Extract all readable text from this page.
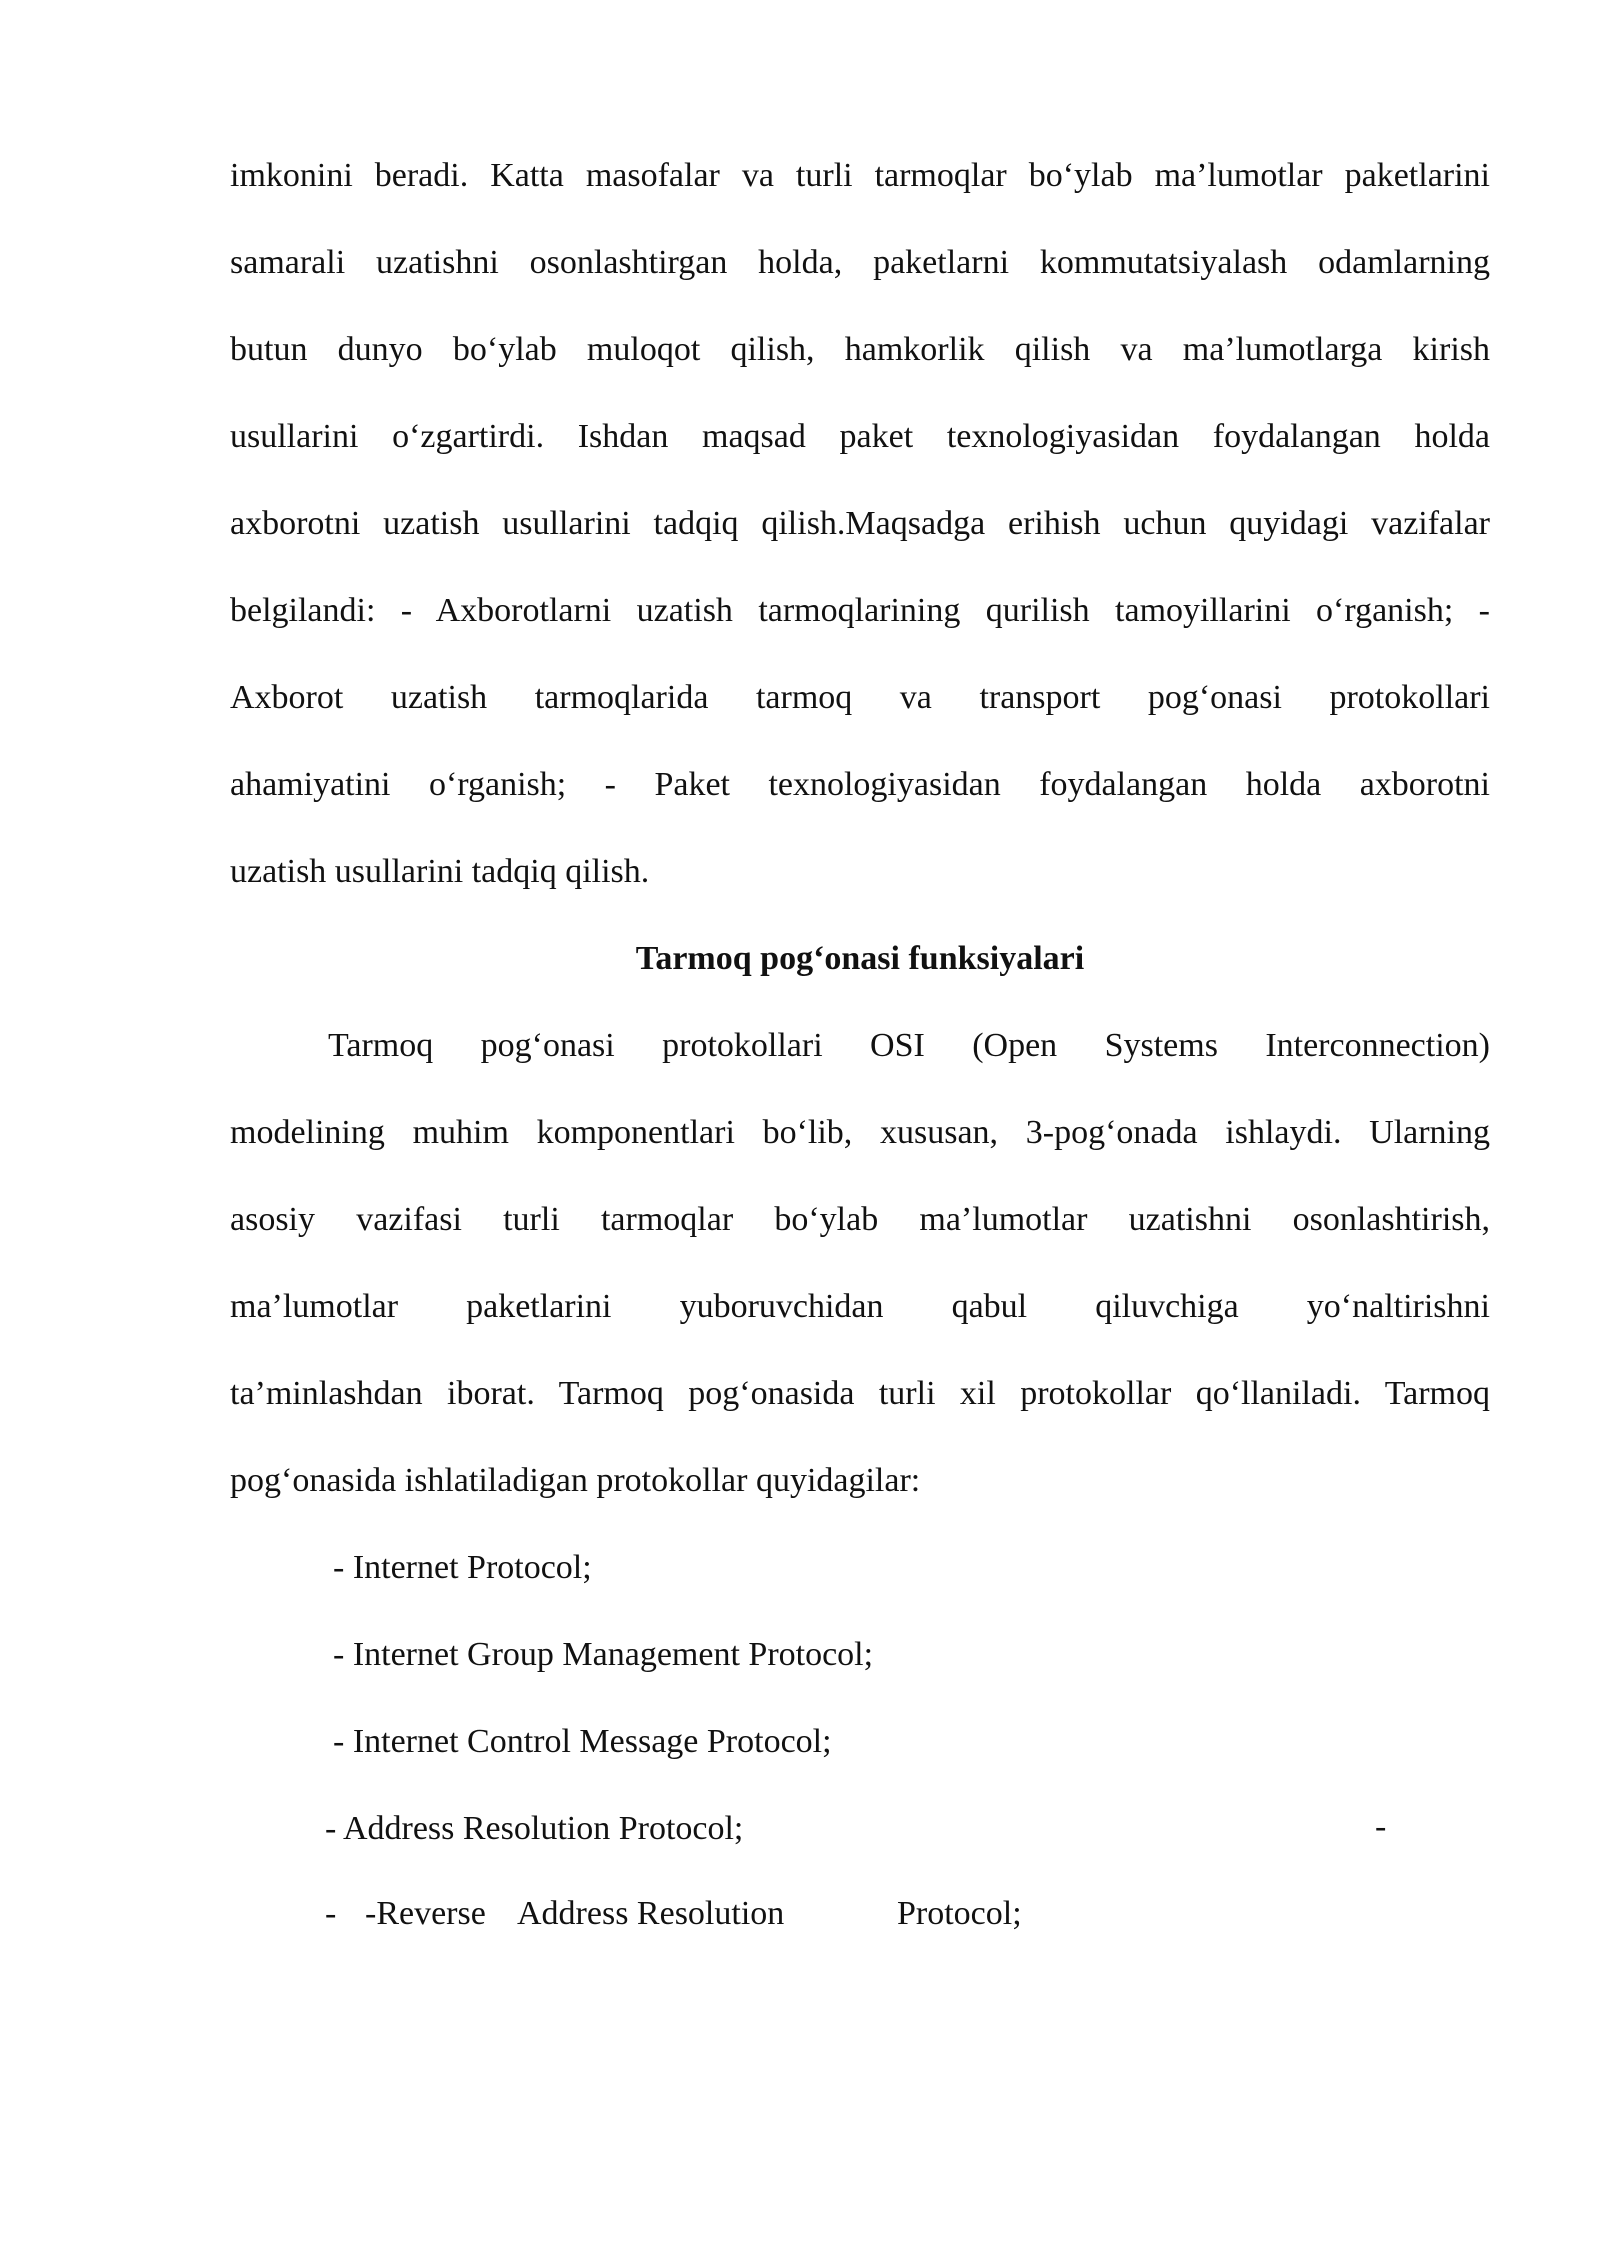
imkonini beradi. Katta masofalar va turli tarmoqlar bo‘ylab ma’lumotlar paketlarini
samarali uzatishni osonlashtirgan holda, paketlarni kommutatsiyalash odamlarning
butun dunyo bo‘ylab muloqot qilish, hamkorlik qilish va ma’lumotlarga kirish
usullarini o‘zgartirdi. Ishdan maqsad paket texnologiyasidan foydalangan holda
axborotni uzatish usullarini tadqiq qilish.Maqsadga erihish uchun quyidagi vazifalar
belgilandi: - Axborotlarni uzatish tarmoqlarining qurilish tamoyillarini o‘rganish; -
Axborot uzatish tarmoqlarida tarmoq va transport pog‘onasi protokollari
ahamiyatini o‘rganish; - Paket texnologiyasidan foydalangan holda axborotni
uzatish usullarini tadqiq qilish.
Tarmoq pog‘onasi funksiyalari
Tarmoq pog‘onasi protokollari OSI (Open Systems Interconnection)
modelining muhim komponentlari bo‘lib, xususan, 3-pog‘onada ishlaydi. Ularning
asosiy vazifasi turli tarmoqlar bo‘ylab ma’lumotlar uzatishni osonlashtirish,
ma’lumotlar paketlarini yuboruvchidan qabul qiluvchiga yo‘naltirishni
ta’minlashdan iborat. Tarmoq pog‘onasida turli xil protokollar qo‘llaniladi. Tarmoq
pog‘onasida ishlatiladigan protokollar quyidagilar:
- Internet Protocol;
- Internet Group Management Protocol;
- Internet Control Message Protocol;
- Address Resolution Protocol;	-

-

-Reverse

Address Resolution

	Protocol;
